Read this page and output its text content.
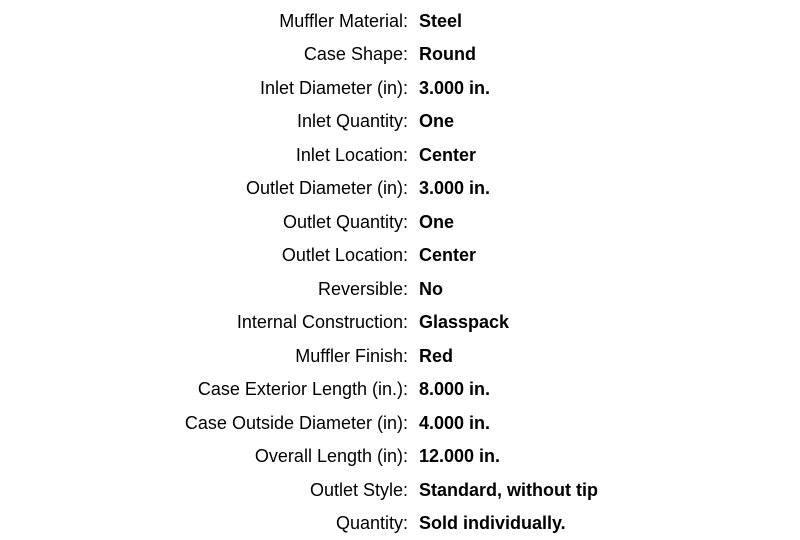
Muffler Material: Steel
Case Shape: Round
Inlet Diameter (in): 3.000 in.
Inlet Quantity: One
Inlet Location: Center
Outlet Diameter (in): 3.000 in.
Outlet Quantity: One
Outlet Location: Center
Reversible: No
Internal Construction: Glasspack
Muffler Finish: Red
Case Exterior Length (in.): 8.000 in.
Case Outside Diameter (in): 4.000 in.
Overall Length (in): 12.000 in.
Outlet Style: Standard, without tip
Quantity: Sold individually.
